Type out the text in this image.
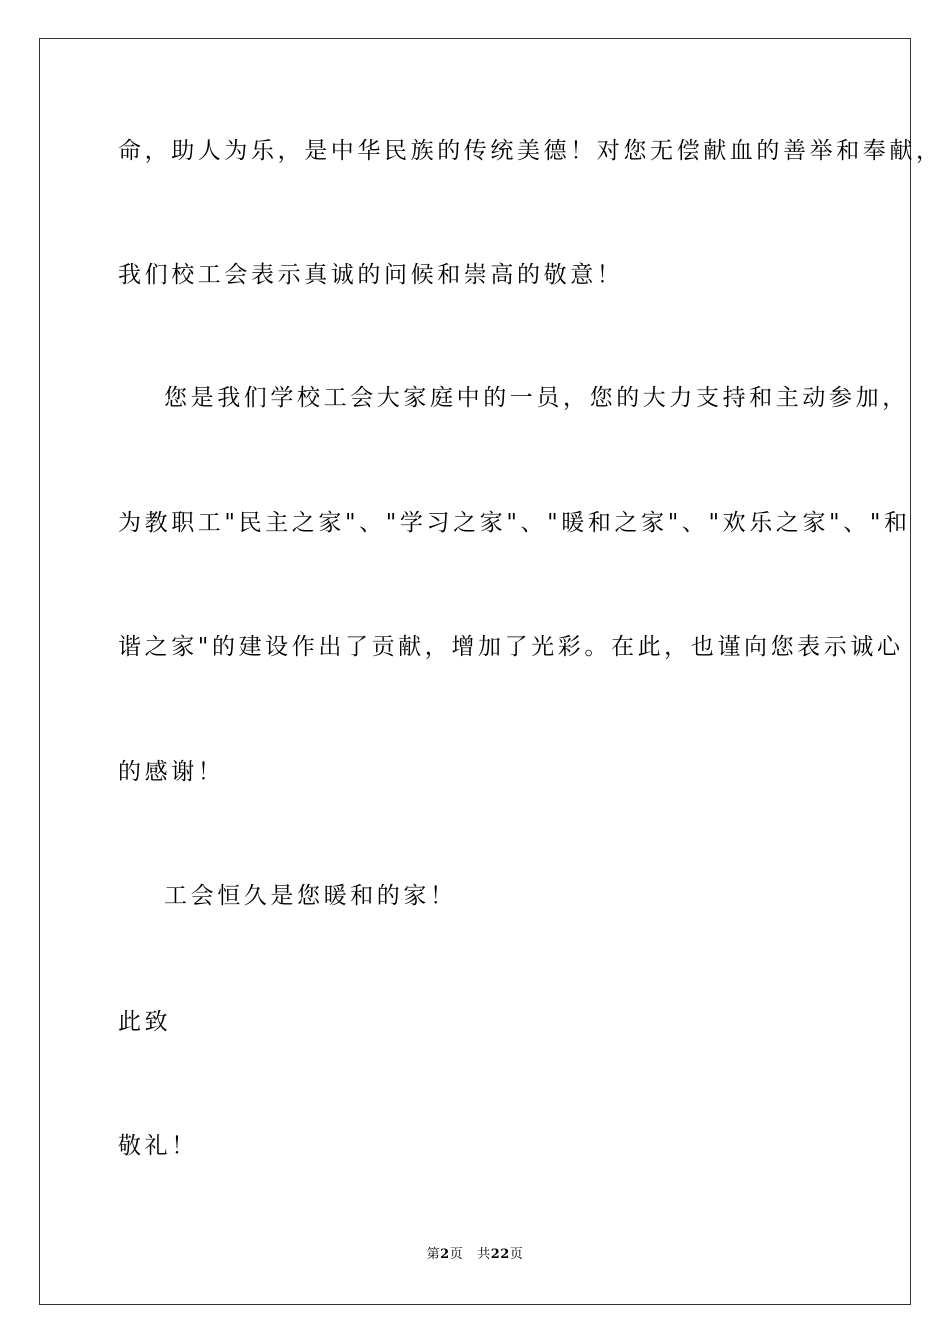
命，助人为乐，是中华民族的传统美德！对您无偿献血的善举和奉献，
我们校工会表示真诚的问候和崇高的敬意！
您是我们学校工会大家庭中的一员，您的大力支持和主动参加，
为教职工"民主之家"、"学习之家"、"暖和之家"、"欢乐之家"、"和
谐之家"的建设作出了贡献，增加了光彩。在此，也谨向您表示诚心
的感谢！
工会恒久是您暖和的家！
此致
敬礼！
第2页 共22页
